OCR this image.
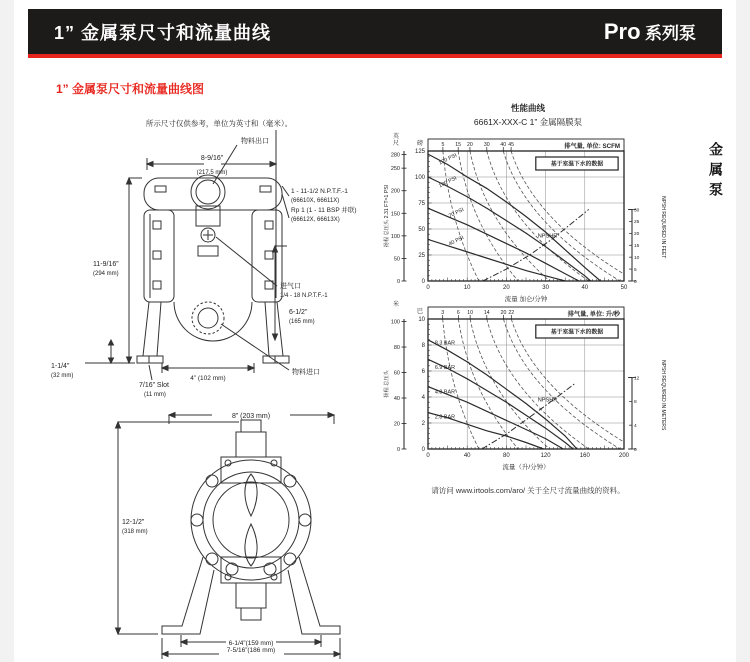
1” 金属泵尺寸和流量曲线	Pro 系列泵
1” 金属泵尺寸和流量曲线图
金属泵
所示尺寸仅供参考，单位为英寸和（毫米）。
物料出口
8-9/16”
(217.5 mm)
11-9/16”
(294 mm)
1 - 11-1/2 N.P.T.F.-1
(66610X, 66611X)
Rp 1 (1 - 11 BSP 并联)
(66612X, 66613X)
进气口
1/4 - 18 N.P.T.F.-1
6-1/2”
(165 mm)
1-1/4”
(32 mm)
7/16” Slot
(11 mm)
4” (102 mm)
物料进口
8” (203 mm)
12-1/2”
(318 mm)
6-1/4”(159 mm)
7-5/16”(186 mm)
性能曲线
6661X-XXX-C 1” 金属隔膜泵
120 PSI
100 PSI
70 PSI
40 PSI	NPSHR
5 15 20 30 40 45	排气量, 单位: SCFM
0	10	20	30	40	50
0
25
50
75
100
125
磅
0
50
100
150
200
250
280
英
尺
扬程 总压头 2.31 FT=1 PSI
0
5
10
15
20
25
30	NPSH REQUIRED IN FEET
基于室温下水的数据
流量 加仑/分钟
8.3 BAR
6.9 BAR
4.8 BAR
2.8 BAR
NPSHR
3 6 10 14 20 22	排气量, 单位: 升/秒
0	40	80	120	160	200
0
2
4
6
8
10
巴
0
20
40
60
80
100
米
扬程 总压头
0
4
8
12	NPSH REQUIRED IN METERS
基于室温下水的数据
流量（升/分钟）
请访问 www.irtools.com/aro/ 关于全尺寸流量曲线的资料。
